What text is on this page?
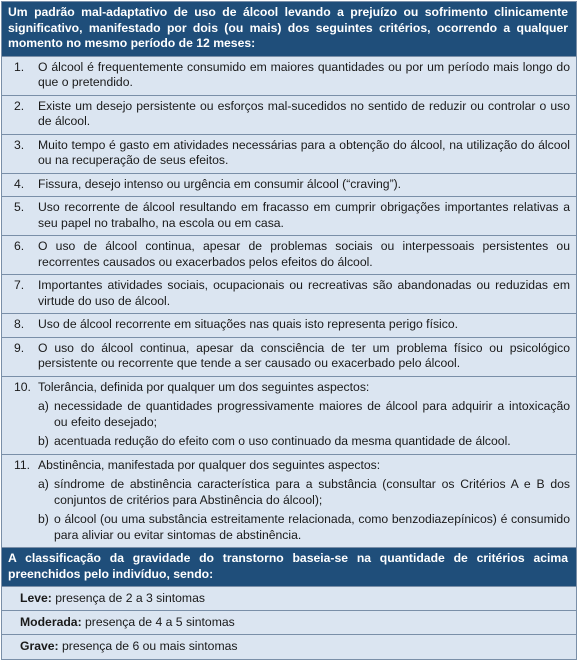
Um padrão mal-adaptativo de uso de álcool levando a prejuízo ou sofrimento clinicamente significativo, manifestado por dois (ou mais) dos seguintes critérios, ocorrendo a qualquer momento no mesmo período de 12 meses:
1.	O álcool é frequentemente consumido em maiores quantidades ou por um período mais longo do que o pretendido.
2.	Existe um desejo persistente ou esforços mal-sucedidos no sentido de reduzir ou controlar o uso de álcool.
3.	Muito tempo é gasto em atividades necessárias para a obtenção do álcool, na utilização do álcool ou na recuperação de seus efeitos.
4.	Fissura, desejo intenso ou urgência em consumir álcool (“craving”).
5.	Uso recorrente de álcool resultando em fracasso em cumprir obrigações importantes relativas a seu papel no trabalho, na escola ou em casa.
6.	O uso de álcool continua, apesar de problemas sociais ou interpessoais persistentes ou recorrentes causados ou exacerbados pelos efeitos do álcool.
7.	Importantes atividades sociais, ocupacionais ou recreativas são abandonadas ou reduzidas em virtude do uso de álcool.
8.	Uso de álcool recorrente em situações nas quais isto representa perigo físico.
9.	O uso do álcool continua, apesar da consciência de ter um problema físico ou psicológico persistente ou recorrente que tende a ser causado ou exacerbado pelo álcool.
10. Tolerância, definida por qualquer um dos seguintes aspectos:
a) necessidade de quantidades progressivamente maiores de álcool para adquirir a intoxicação ou efeito desejado;
b) acentuada redução do efeito com o uso continuado da mesma quantidade de álcool.
11. Abstinência, manifestada por qualquer dos seguintes aspectos:
a) síndrome de abstinência característica para a substância (consultar os Critérios A e B dos conjuntos de critérios para Abstinência do álcool);
b) o álcool (ou uma substância estreitamente relacionada, como benzodiazepínicos) é consumido para aliviar ou evitar sintomas de abstinência.
A classificação da gravidade do transtorno baseia-se na quantidade de critérios acima preenchidos pelo indivíduo, sendo:
Leve: presença de 2 a 3 sintomas
Moderada: presença de 4 a 5 sintomas
Grave: presença de 6 ou mais sintomas
